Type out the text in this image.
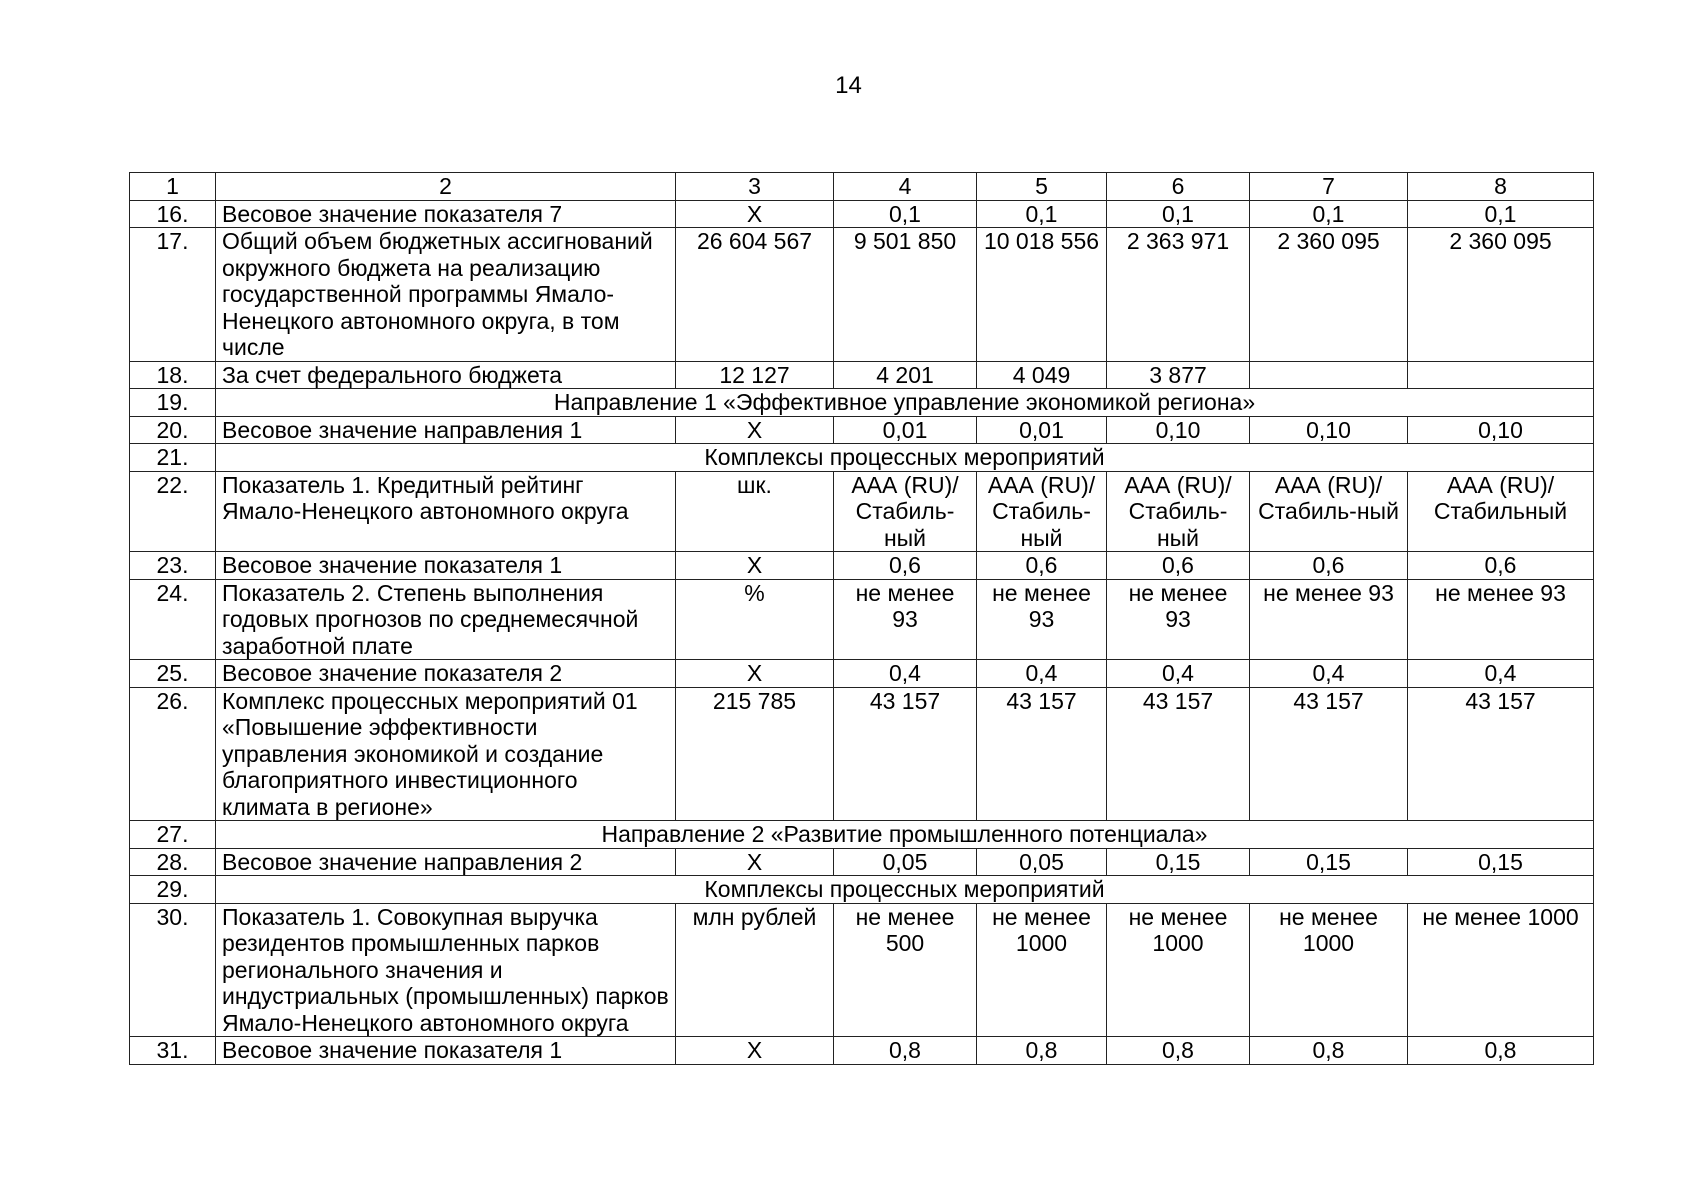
14
1	2	3	4	5	6	7	8
16.	Весовое значение показателя 7	Х	0,1	0,1	0,1	0,1	0,1
17.	Общий объем бюджетных ассигнований окружного бюджета на реализацию государственной программы Ямало-Ненецкого автономного округа, в том числе	26 604 567	9 501 850	10 018 556	2 363 971	2 360 095	2 360 095
18.	За счет федерального бюджета	12 127	4 201	4 049	3 877		
19.	Направление 1 «Эффективное управление экономикой региона»						
20.	Весовое значение направления 1	Х	0,01	0,01	0,10	0,10	0,10
21.	Комплексы процессных мероприятий						
22.	Показатель 1. Кредитный рейтинг Ямало-Ненецкого автономного округа	шк.	ААА (RU)/ Стабиль-ный	ААА (RU)/ Стабиль-ный	ААА (RU)/ Стабиль-ный	ААА (RU)/ Стабиль-ный	ААА (RU)/ Стабильный
23.	Весовое значение показателя 1	Х	0,6	0,6	0,6	0,6	0,6
24.	Показатель 2. Степень выполнения годовых прогнозов по среднемесячной заработной плате	%	не менее 93	не менее 93	не менее 93	не менее 93	не менее 93
25.	Весовое значение показателя 2	Х	0,4	0,4	0,4	0,4	0,4
26.	Комплекс процессных мероприятий 01 «Повышение эффективности управления экономикой и создание благоприятного инвестиционного климата в регионе»	215 785	43 157	43 157	43 157	43 157	43 157
27.	Направление 2 «Развитие промышленного потенциала»						
28.	Весовое значение направления 2	Х	0,05	0,05	0,15	0,15	0,15
29.	Комплексы процессных мероприятий						
30.	Показатель 1. Совокупная выручка резидентов промышленных парков регионального значения и индустриальных (промышленных) парков Ямало-Ненецкого автономного округа	млн рублей	не менее 500	не менее 1000	не менее 1000	не менее 1000	не менее 1000
31.	Весовое значение показателя 1	Х	0,8	0,8	0,8	0,8	0,8
